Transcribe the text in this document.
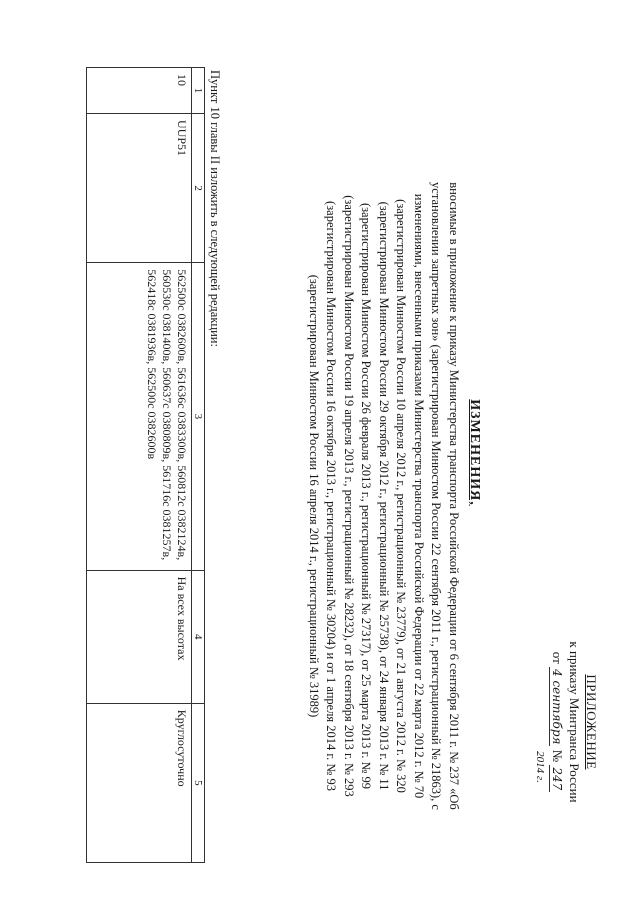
ПРИЛОЖЕНИЕ
к приказу Минтранса России
от 4 сентября № 247
2014 г.
ИЗМЕНЕНИЯ,
вносимые в приложение к приказу Министерства транспорта Российской Федерации от 6 сентября 2011 г. № 237 «Об установлении запретных зон» (зарегистрирован Минюстом России 22 сентября 2011 г., регистрационный № 21863), с изменениями, внесенными приказами Министерства транспорта Российской Федерации от 22 марта 2012 г. № 70 (зарегистрирован Минюстом России 10 апреля 2012 г., регистрационный № 23779), от 21 августа 2012 г. № 320 (зарегистрирован Минюстом России 29 октября 2012 г., регистрационный № 25738), от 24 января 2013 г. № 11 (зарегистрирован Минюстом России 26 февраля 2013 г., регистрационный № 27317), от 25 марта 2013 г. № 99 (зарегистрирован Минюстом России 19 апреля 2013 г., регистрационный № 28232), от 18 сентября 2013 г. № 293 (зарегистрирован Минюстом России 16 октября 2013 г., регистрационный № 30204) и от 1 апреля 2014 г. № 93 (зарегистрирован Минюстом России 16 апреля 2014 г., регистрационный № 31989)
Пункт 10 главы II изложить в следующей редакции:
1	2	3	4	5
10	UUP51	562500с 0382600в, 561636с 0383300в, 560812с 0382124в, 560530с 0381400в, 560637с 0380809в, 561716с 0381257в, 562418с 0381936в, 562500с 0382600в	На всех высотах	Круглосуточно
